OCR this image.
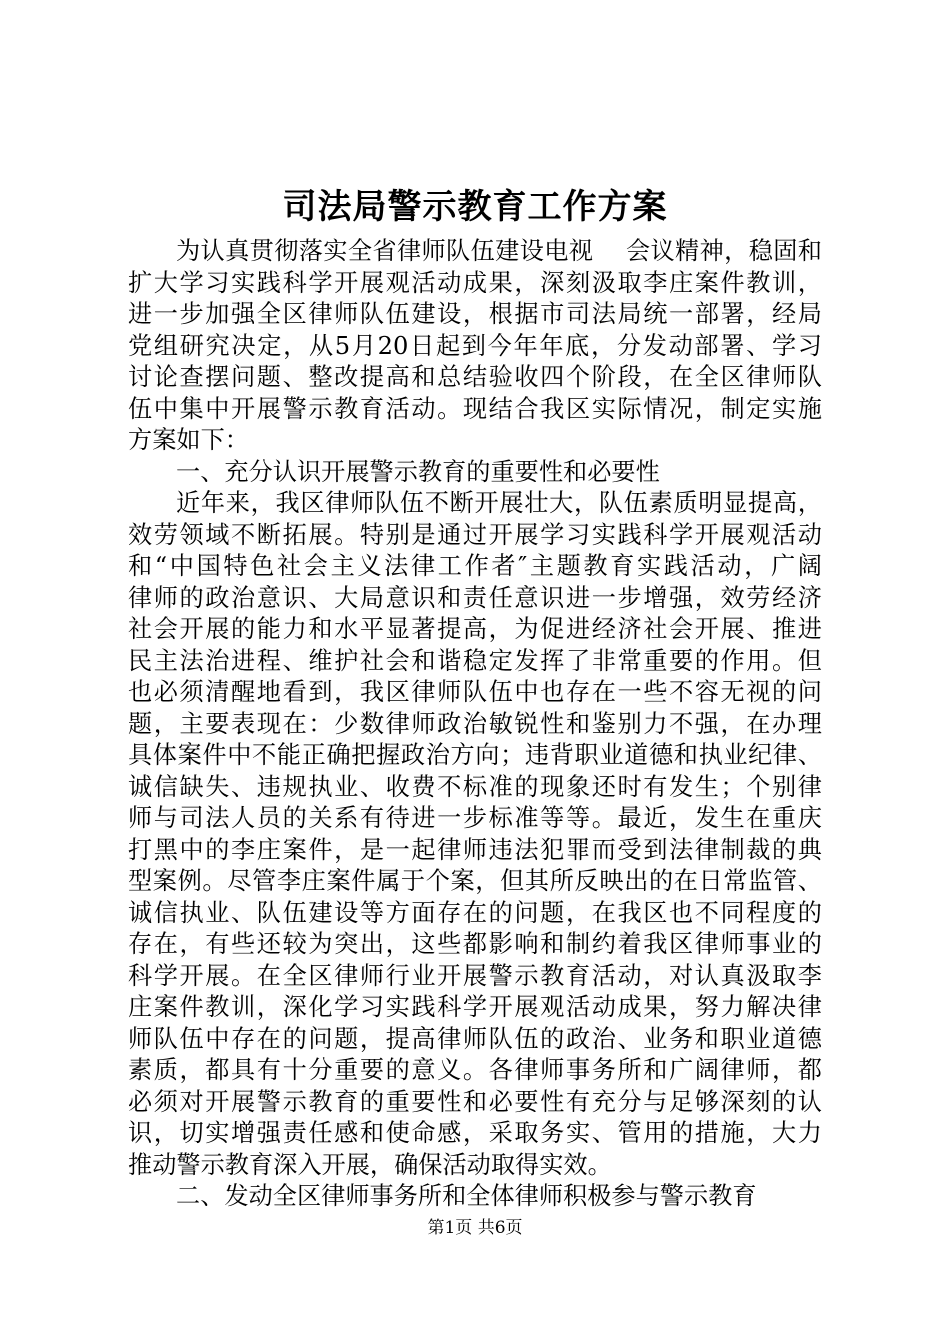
司法局警示教育工作方案
为认真贯彻落实全省律师队伍建设电视　 会议精神，稳固和
扩大学习实践科学开展观活动成果，深刻汲取李庄案件教训，
进一步加强全区律师队伍建设，根据市司法局统一部署，经局
党组研究决定，从5月20日起到今年年底，分发动部署、学习
讨论查摆问题、整改提高和总结验收四个阶段，在全区律师队
伍中集中开展警示教育活动。现结合我区实际情况，制定实施
方案如下：
一、充分认识开展警示教育的重要性和必要性
近年来，我区律师队伍不断开展壮大，队伍素质明显提高，
效劳领域不断拓展。特别是通过开展学习实践科学开展观活动
和“中国特色社会主义法律工作者″主题教育实践活动，广阔
律师的政治意识、大局意识和责任意识进一步增强，效劳经济
社会开展的能力和水平显著提高，为促进经济社会开展、推进
民主法治进程、维护社会和谐稳定发挥了非常重要的作用。但
也必须清醒地看到，我区律师队伍中也存在一些不容无视的问
题，主要表现在：少数律师政治敏锐性和鉴别力不强，在办理
具体案件中不能正确把握政治方向；违背职业道德和执业纪律、
诚信缺失、违规执业、收费不标准的现象还时有发生；个别律
师与司法人员的关系有待进一步标准等等。最近，发生在重庆
打黑中的李庄案件，是一起律师违法犯罪而受到法律制裁的典
型案例。尽管李庄案件属于个案，但其所反映出的在日常监管、
诚信执业、队伍建设等方面存在的问题，在我区也不同程度的
存在，有些还较为突出，这些都影响和制约着我区律师事业的
科学开展。在全区律师行业开展警示教育活动，对认真汲取李
庄案件教训，深化学习实践科学开展观活动成果，努力解决律
师队伍中存在的问题，提高律师队伍的政治、业务和职业道德
素质，都具有十分重要的意义。各律师事务所和广阔律师，都
必须对开展警示教育的重要性和必要性有充分与足够深刻的认
识，切实增强责任感和使命感，采取务实、管用的措施，大力
推动警示教育深入开展，确保活动取得实效。
二、发动全区律师事务所和全体律师积极参与警示教育
第1页 共6页
